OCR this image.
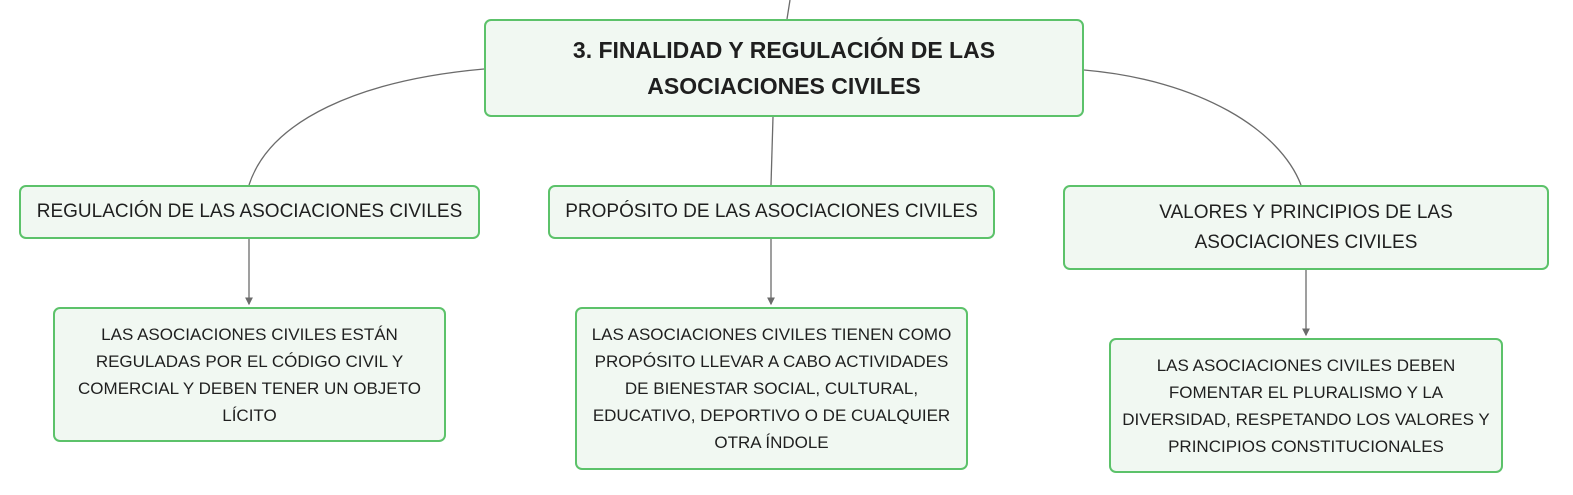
3. FINALIDAD Y REGULACIÓN DE LAS
ASOCIACIONES CIVILES
REGULACIÓN DE LAS ASOCIACIONES CIVILES	PROPÓSITO DE LAS ASOCIACIONES CIVILES	VALORES Y PRINCIPIOS DE LAS ASOCIACIONES CIVILES
LAS ASOCIACIONES CIVILES ESTÁN REGULADAS POR EL CÓDIGO CIVIL Y COMERCIAL Y DEBEN TENER UN OBJETO LÍCITO
LAS ASOCIACIONES CIVILES TIENEN COMO PROPÓSITO LLEVAR A CABO ACTIVIDADES DE BIENESTAR SOCIAL, CULTURAL, EDUCATIVO, DEPORTIVO O DE CUALQUIER OTRA ÍNDOLE
LAS ASOCIACIONES CIVILES DEBEN FOMENTAR EL PLURALISMO Y LA DIVERSIDAD, RESPETANDO LOS VALORES Y PRINCIPIOS CONSTITUCIONALES
